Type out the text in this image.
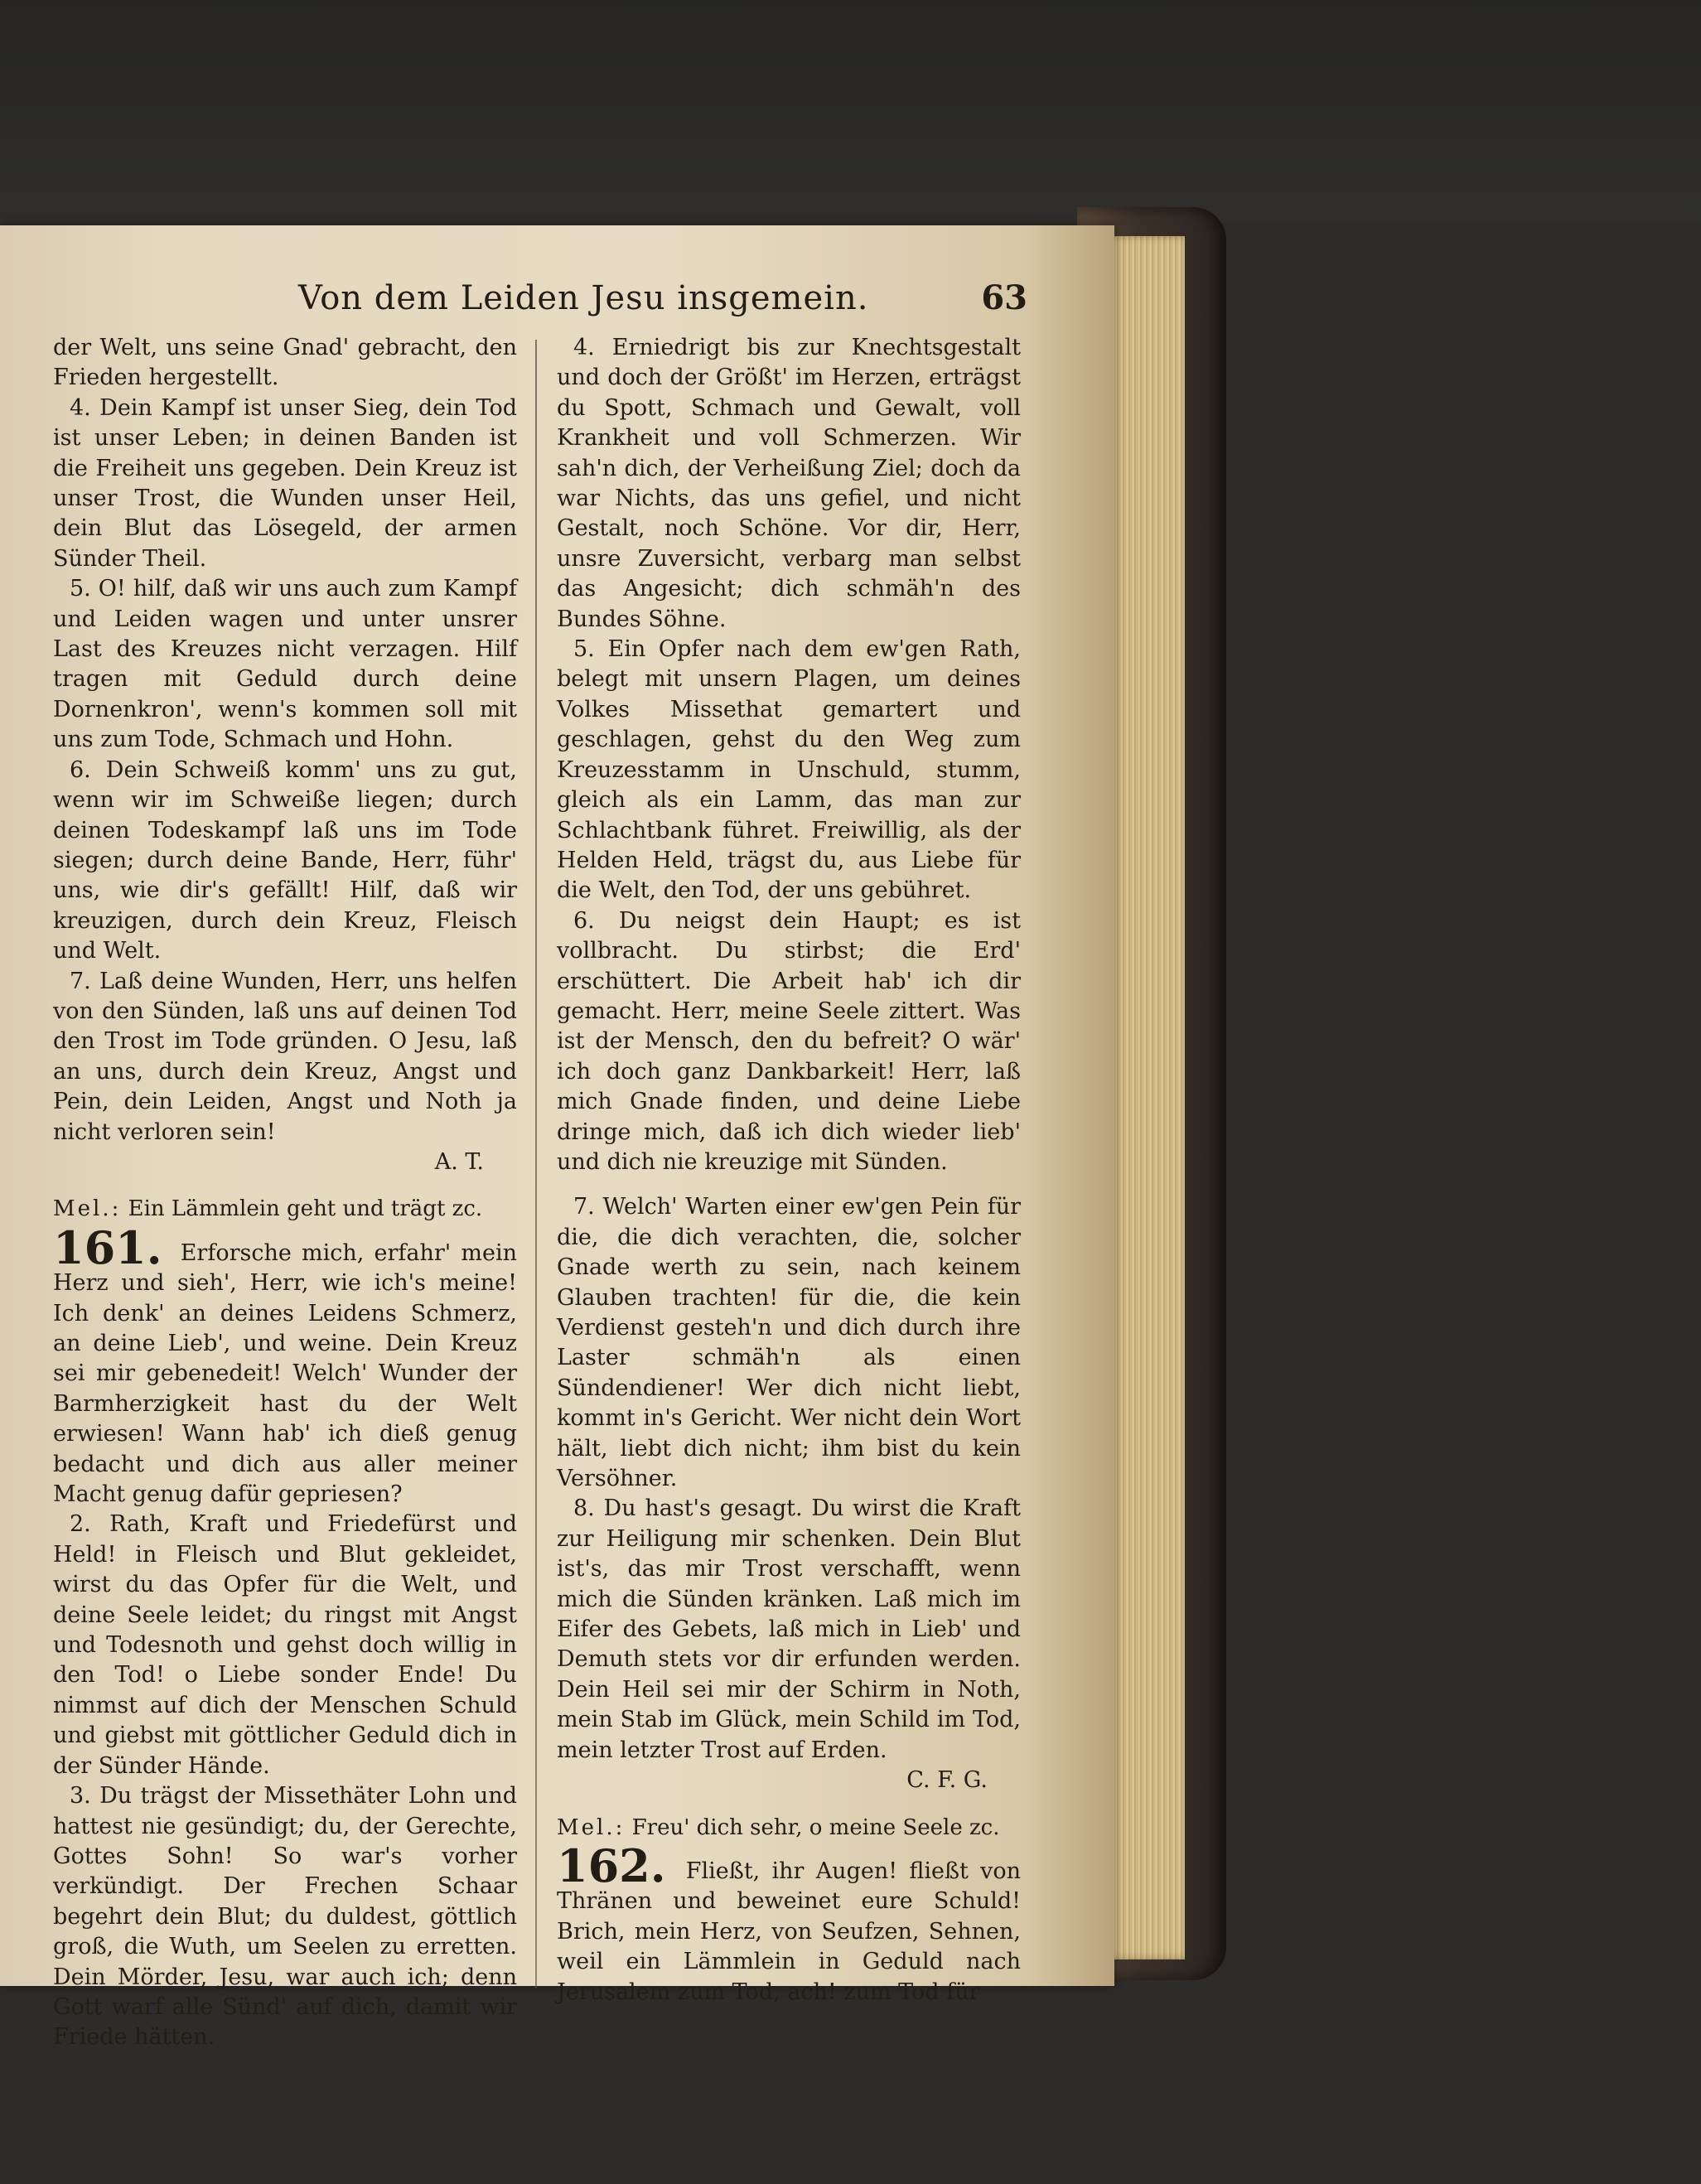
Von dem Leiden Jesu insgemein.	63

der Welt, uns seine Gnad' gebracht, den Frieden hergestellt.

4. Dein Kampf ist unser Sieg, dein Tod ist unser Leben; in deinen Banden ist die Freiheit uns gegeben. Dein Kreuz ist unser Trost, die Wunden unser Heil, dein Blut das Lösegeld, der armen Sünder Theil.

5. O! hilf, daß wir uns auch zum Kampf und Leiden wagen und unter unsrer Last des Kreuzes nicht verzagen. Hilf tragen mit Geduld durch deine Dornenkron', wenn's kommen soll mit uns zum Tode, Schmach und Hohn.

6. Dein Schweiß komm' uns zu gut, wenn wir im Schweiße liegen; durch deinen Todeskampf laß uns im Tode siegen; durch deine Bande, Herr, führ' uns, wie dir's gefällt! Hilf, daß wir kreuzigen, durch dein Kreuz, Fleisch und Welt.

7. Laß deine Wunden, Herr, uns helfen von den Sünden, laß uns auf deinen Tod den Trost im Tode gründen. O Jesu, laß an uns, durch dein Kreuz, Angst und Pein, dein Leiden, Angst und Noth ja nicht verloren sein!

A. T.

Mel.: Ein Lämmlein geht und trägt zc.

161. Erforsche mich, erfahr' mein Herz und sieh', Herr, wie ich's meine! Ich denk' an deines Leidens Schmerz, an deine Lieb', und weine. Dein Kreuz sei mir gebenedeit! Welch' Wunder der Barmherzigkeit hast du der Welt erwiesen! Wann hab' ich dieß genug bedacht und dich aus aller meiner Macht genug dafür gepriesen?

2. Rath, Kraft und Friedefürst und Held! in Fleisch und Blut gekleidet, wirst du das Opfer für die Welt, und deine Seele leidet; du ringst mit Angst und Todesnoth und gehst doch willig in den Tod! o Liebe sonder Ende! Du nimmst auf dich der Menschen Schuld und giebst mit göttlicher Geduld dich in der Sünder Hände.

3. Du trägst der Missethäter Lohn und hattest nie gesündigt; du, der Gerechte, Gottes Sohn! So war's vorher verkündigt. Der Frechen Schaar begehrt dein Blut; du duldest, göttlich groß, die Wuth, um Seelen zu erretten. Dein Mörder, Jesu, war auch ich; denn Gott warf alle Sünd' auf dich, damit wir Friede hätten.

4. Erniedrigt bis zur Knechtsgestalt und doch der Größt' im Herzen, erträgst du Spott, Schmach und Gewalt, voll Krankheit und voll Schmerzen. Wir sah'n dich, der Verheißung Ziel; doch da war Nichts, das uns gefiel, und nicht Gestalt, noch Schöne. Vor dir, Herr, unsre Zuversicht, verbarg man selbst das Angesicht; dich schmäh'n des Bundes Söhne.

5. Ein Opfer nach dem ew'gen Rath, belegt mit unsern Plagen, um deines Volkes Missethat gemartert und geschlagen, gehst du den Weg zum Kreuzesstamm in Unschuld, stumm, gleich als ein Lamm, das man zur Schlachtbank führet. Freiwillig, als der Helden Held, trägst du, aus Liebe für die Welt, den Tod, der uns gebühret.

6. Du neigst dein Haupt; es ist vollbracht. Du stirbst; die Erd' erschüttert. Die Arbeit hab' ich dir gemacht. Herr, meine Seele zittert. Was ist der Mensch, den du befreit? O wär' ich doch ganz Dankbarkeit! Herr, laß mich Gnade finden, und deine Liebe dringe mich, daß ich dich wieder lieb' und dich nie kreuzige mit Sünden.

7. Welch' Warten einer ew'gen Pein für die, die dich verachten, die, solcher Gnade werth zu sein, nach keinem Glauben trachten! für die, die kein Verdienst gesteh'n und dich durch ihre Laster schmäh'n als einen Sündendiener! Wer dich nicht liebt, kommt in's Gericht. Wer nicht dein Wort hält, liebt dich nicht; ihm bist du kein Versöhner.

8. Du hast's gesagt. Du wirst die Kraft zur Heiligung mir schenken. Dein Blut ist's, das mir Trost verschafft, wenn mich die Sünden kränken. Laß mich im Eifer des Gebets, laß mich in Lieb' und Demuth stets vor dir erfunden werden. Dein Heil sei mir der Schirm in Noth, mein Stab im Glück, mein Schild im Tod, mein letzter Trost auf Erden.

C. F. G.

Mel.: Freu' dich sehr, o meine Seele zc.

162. Fließt, ihr Augen! fließt von Thränen und beweinet eure Schuld! Brich, mein Herz, von Seufzen, Sehnen, weil ein Lämmlein in Geduld nach Jerusalem zum Tod, ach! zum Tod für
